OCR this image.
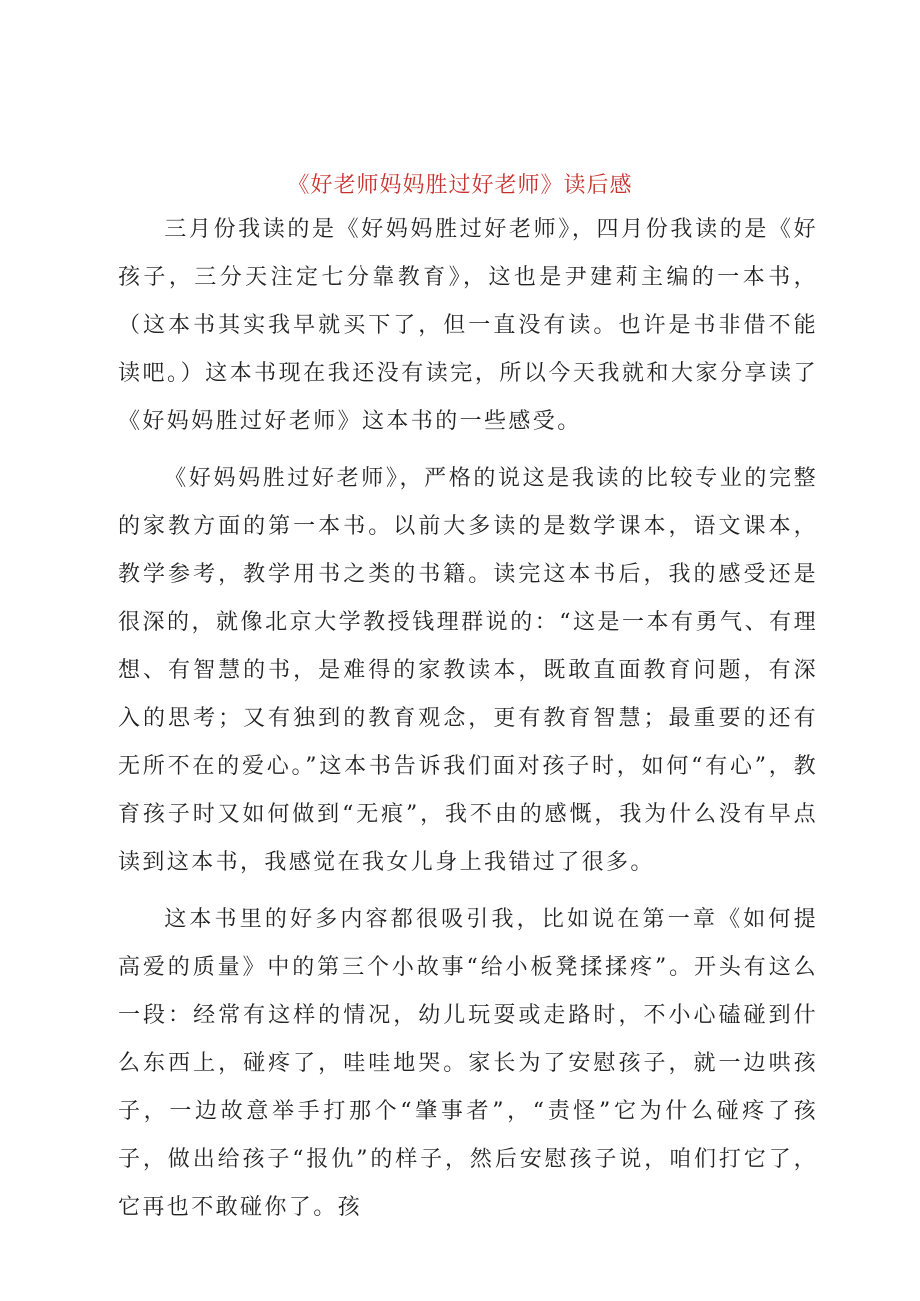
《好老师妈妈胜过好老师》读后感

三月份我读的是《好妈妈胜过好老师》，四月份我读的是《好孩子，三分天注定七分靠教育》，这也是尹建莉主编的一本书，（这本书其实我早就买下了，但一直没有读。也许是书非借不能读吧。）这本书现在我还没有读完，所以今天我就和大家分享读了《好妈妈胜过好老师》这本书的一些感受。

《好妈妈胜过好老师》，严格的说这是我读的比较专业的完整的家教方面的第一本书。以前大多读的是数学课本，语文课本，教学参考，教学用书之类的书籍。读完这本书后，我的感受还是很深的，就像北京大学教授钱理群说的：“这是一本有勇气、有理想、有智慧的书，是难得的家教读本，既敢直面教育问题，有深入的思考；又有独到的教育观念，更有教育智慧；最重要的还有无所不在的爱心。”这本书告诉我们面对孩子时，如何“有心”，教育孩子时又如何做到“无痕”，我不由的感慨，我为什么没有早点读到这本书，我感觉在我女儿身上我错过了很多。

这本书里的好多内容都很吸引我，比如说在第一章《如何提高爱的质量》中的第三个小故事“给小板凳揉揉疼”。开头有这么一段：经常有这样的情况，幼儿玩耍或走路时，不小心磕碰到什么东西上，碰疼了，哇哇地哭。家长为了安慰孩子，就一边哄孩子，一边故意举手打那个“肇事者”，“责怪”它为什么碰疼了孩子，做出给孩子“报仇”的样子，然后安慰孩子说，咱们打它了，它再也不敢碰你了。孩
